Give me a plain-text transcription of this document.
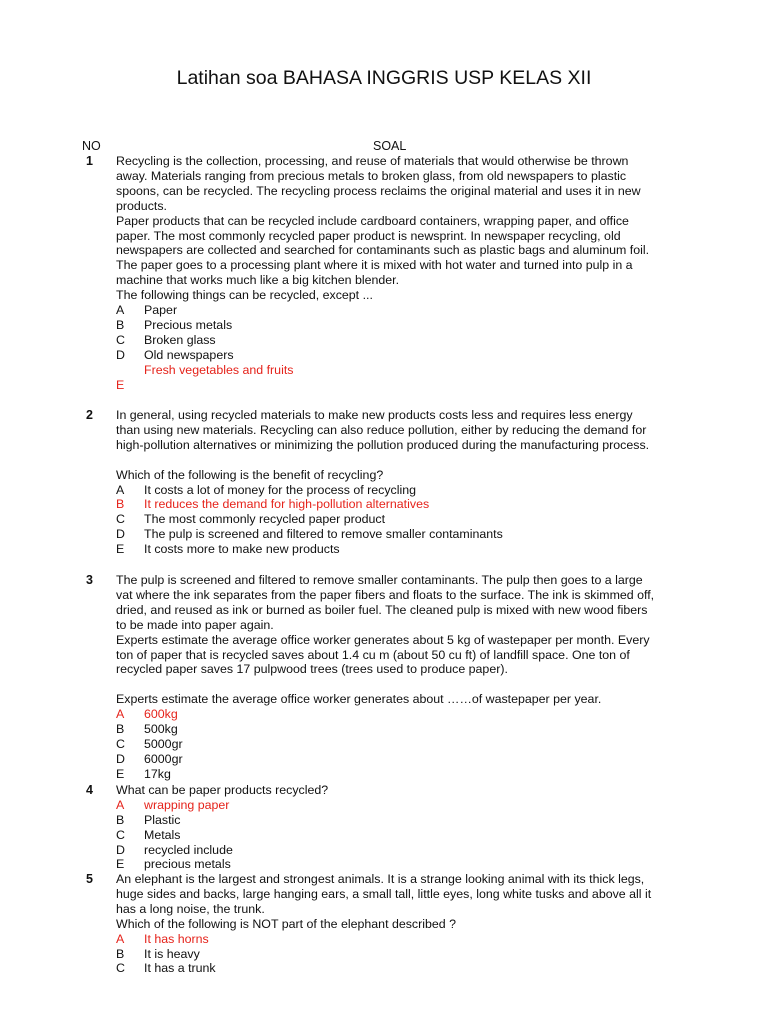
Latihan soa BAHASA INGGRIS USP KELAS XII
NO	SOAL
1 Recycling is the collection, processing, and reuse of materials that would otherwise be thrown away. Materials ranging from precious metals to broken glass, from old newspapers to plastic spoons, can be recycled. The recycling process reclaims the original material and uses it in new products.

Paper products that can be recycled include cardboard containers, wrapping paper, and office paper. The most commonly recycled paper product is newsprint. In newspaper recycling, old newspapers are collected and searched for contaminants such as plastic bags and aluminum foil. The paper goes to a processing plant where it is mixed with hot water and turned into pulp in a machine that works much like a big kitchen blender.

The following things can be recycled, except ...

A Paper
B Precious metals
C Broken glass
D Old newspapers
Fresh vegetables and fruits
E
2 In general, using recycled materials to make new products costs less and requires less energy than using new materials. Recycling can also reduce pollution, either by reducing the demand for high-pollution alternatives or minimizing the pollution produced during the manufacturing process.

Which of the following is the benefit of recycling?

A It costs a lot of money for the process of recycling
B It reduces the demand for high-pollution alternatives
C The most commonly recycled paper product
D The pulp is screened and filtered to remove smaller contaminants
E It costs more to make new products
3 The pulp is screened and filtered to remove smaller contaminants. The pulp then goes to a large vat where the ink separates from the paper fibers and floats to the surface. The ink is skimmed off, dried, and reused as ink or burned as boiler fuel. The cleaned pulp is mixed with new wood fibers to be made into paper again.

Experts estimate the average office worker generates about 5 kg of wastepaper per month. Every ton of paper that is recycled saves about 1.4 cu m (about 50 cu ft) of landfill space. One ton of recycled paper saves 17 pulpwood trees (trees used to produce paper).

Experts estimate the average office worker generates about ……of wastepaper per year.

A 600kg
B 500kg
C 5000gr
D 6000gr
E 17kg
4 What can be paper products recycled?

A wrapping paper
B Plastic
C Metals
D recycled include
E precious metals
5 An elephant is the largest and strongest animals. It is a strange looking animal with its thick legs, huge sides and backs, large hanging ears, a small tall, little eyes, long white tusks and above all it has a long noise, the trunk.

Which of the following is NOT part of the elephant described ?

A It has horns
B It is heavy
C It has a trunk
